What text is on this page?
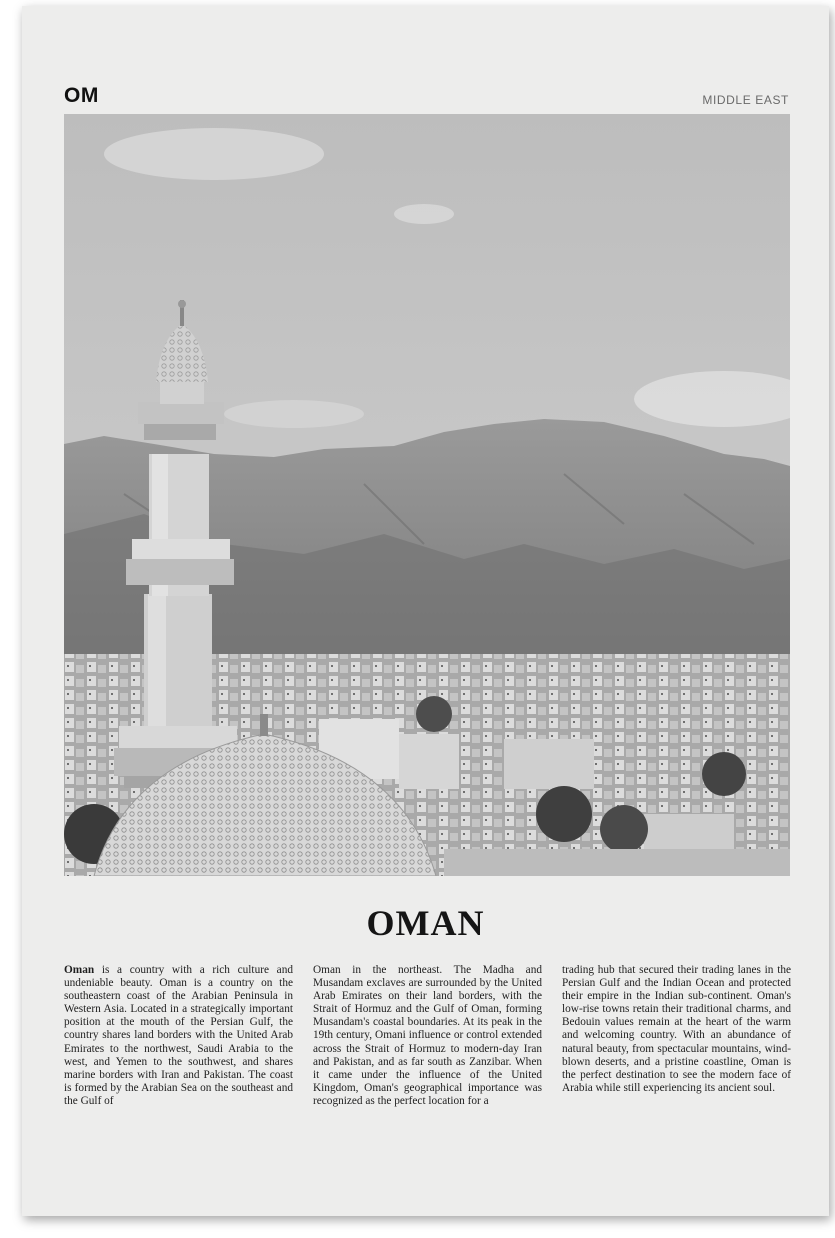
OM	MIDDLE EAST
OMAN
Oman is a country with a rich culture and undeniable beauty. Oman is a country on the southeastern coast of the Arabian Peninsula in Western Asia. Located in a strategically important position at the mouth of the Persian Gulf, the country shares land borders with the United Arab Emirates to the northwest, Saudi Arabia to the west, and Yemen to the southwest, and shares marine borders with Iran and Pakistan. The coast is formed by the Arabian Sea on the southeast and the Gulf of
Oman in the northeast. The Madha and Musandam exclaves are surrounded by the United Arab Emirates on their land borders, with the Strait of Hormuz and the Gulf of Oman, forming Musandam's coastal boundaries. At its peak in the 19th century, Omani influence or control extended across the Strait of Hormuz to modern-day Iran and Pakistan, and as far south as Zanzibar. When it came under the influence of the United Kingdom, Oman's geographical importance was recognized as the perfect location for a
trading hub that secured their trading lanes in the Persian Gulf and the Indian Ocean and protected their empire in the Indian sub-continent. Oman's low-rise towns retain their traditional charms, and Bedouin values remain at the heart of the warm and welcoming country. With an abundance of natural beauty, from spectacular mountains, wind-blown deserts, and a pristine coastline, Oman is the perfect destination to see the modern face of Arabia while still experiencing its ancient soul.
